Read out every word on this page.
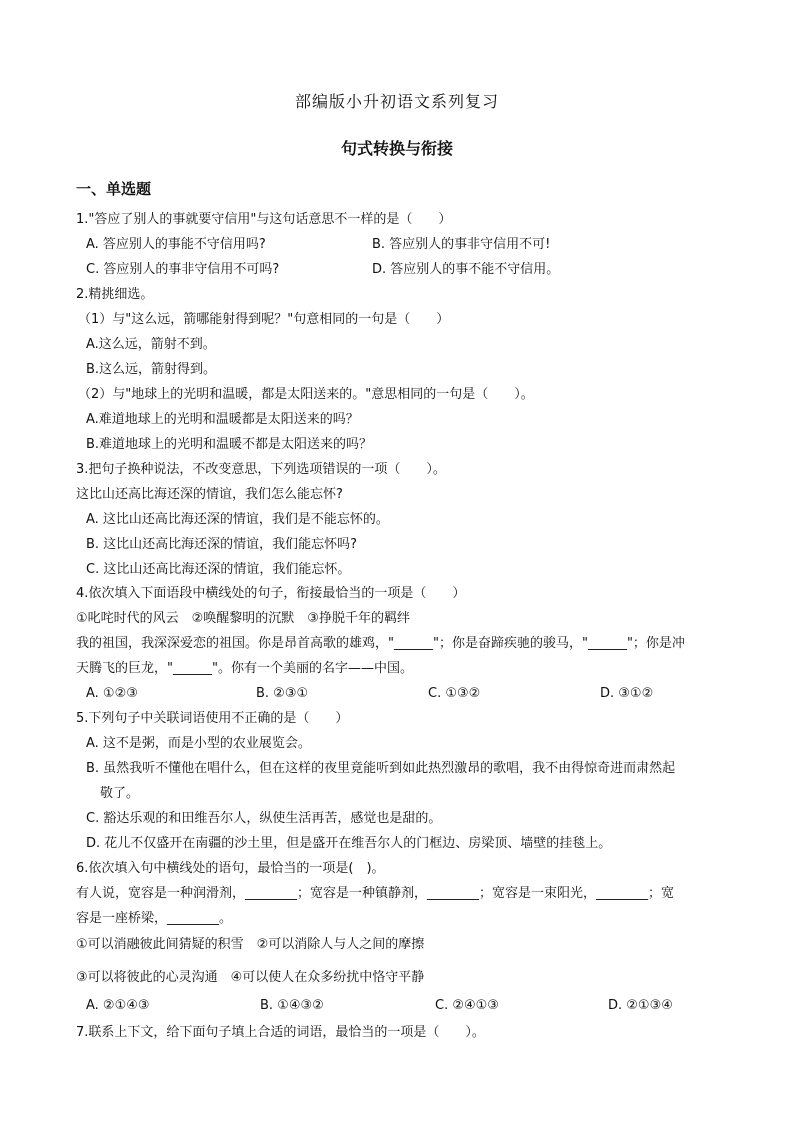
部编版小升初语文系列复习
句式转换与衔接
一、单选题
1."答应了别人的事就要守信用"与这句话意思不一样的是（　　）
A. 答应别人的事能不守信用吗?	B. 答应别人的事非守信用不可!
C. 答应别人的事非守信用不可吗?	D. 答应别人的事不能不守信用。
2.精挑细选。
（1）与"这么远，箭哪能射得到呢？"句意相同的一句是（　　）
A.这么远，箭射不到。
B.这么远，箭射得到。
（2）与"地球上的光明和温暖，都是太阳送来的。"意思相同的一句是（　　）。
A.难道地球上的光明和温暖都是太阳送来的吗？
B.难道地球上的光明和温暖不都是太阳送来的吗？
3.把句子换种说法，不改变意思，下列选项错误的一项（　　）。
这比山还高比海还深的情谊，我们怎么能忘怀?
A. 这比山还高比海还深的情谊，我们是不能忘怀的。
B. 这比山还高比海还深的情谊，我们能忘怀吗?
C. 这比山还高比海还深的情谊，我们能忘怀。
4.依次填入下面语段中横线处的句子，衔接最恰当的一项是（　　）
①叱咤时代的风云　②唤醒黎明的沉默　③挣脱千年的羁绊
我的祖国，我深深爱恋的祖国。你是昂首高歌的雄鸡，"______"；你是奋蹄疾驰的骏马，"______"；你是冲
天腾飞的巨龙，"______"。你有一个美丽的名字——中国。
A. ①②③	B. ②③①	C. ①③②	D. ③①②
5.下列句子中关联词语使用不正确的是（　　）
A. 这不是粥，而是小型的农业展览会。
B. 虽然我听不懂他在唱什么，但在这样的夜里竟能听到如此热烈激昂的歌唱，我不由得惊奇进而肃然起
敬了。
C. 豁达乐观的和田维吾尔人，纵使生活再苦，感觉也是甜的。
D. 花儿不仅盛开在南疆的沙土里，但是盛开在维吾尔人的门框边、房梁顶、墙壁的挂毯上。
6.依次填入句中横线处的语句，最恰当的一项是(　)。
有人说，宽容是一种润滑剂，________；宽容是一种镇静剂，________；宽容是一束阳光，________；宽
容是一座桥梁，________。
①可以消融彼此间猜疑的积雪　②可以消除人与人之间的摩擦
③可以将彼此的心灵沟通　④可以使人在众多纷扰中恪守平静
A. ②①④③	B. ①④③②	C. ②④①③	D. ②①③④
7.联系上下文，给下面句子填上合适的词语，最恰当的一项是（　　）。
